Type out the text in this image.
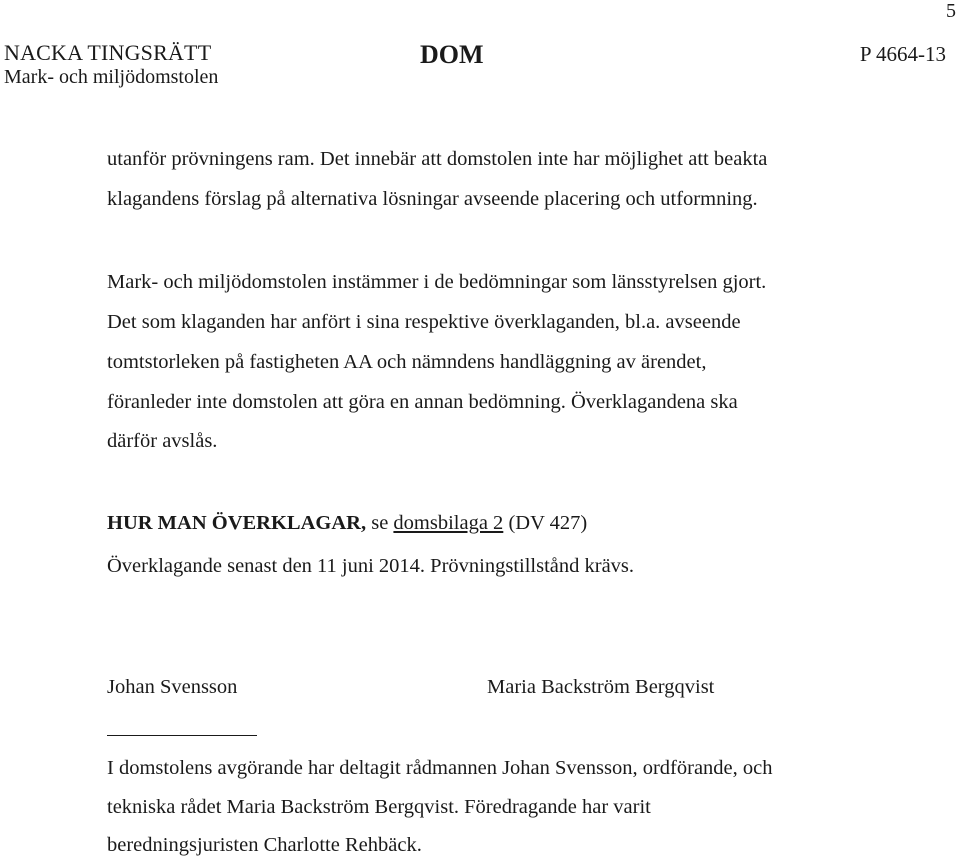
5
NACKA TINGSRÄTT
Mark- och miljödomstolen
DOM	P 4664-13
utanför prövningens ram. Det innebär att domstolen inte har möjlighet att beakta
klagandens förslag på alternativa lösningar avseende placering och utformning.
Mark- och miljödomstolen instämmer i de bedömningar som länsstyrelsen gjort.
Det som klaganden har anfört i sina respektive överklaganden, bl.a. avseende
tomtstorleken på fastigheten AA och nämndens handläggning av ärendet,
föranleder inte domstolen att göra en annan bedömning. Överklagandena ska
därför avslås.
HUR MAN ÖVERKLAGAR, se domsbilaga 2 (DV 427)
Överklagande senast den 11 juni 2014. Prövningstillstånd krävs.
Johan Svensson	Maria Backström Bergqvist
I domstolens avgörande har deltagit rådmannen Johan Svensson, ordförande, och
tekniska rådet Maria Backström Bergqvist. Föredragande har varit
beredningsjuristen Charlotte Rehbäck.
